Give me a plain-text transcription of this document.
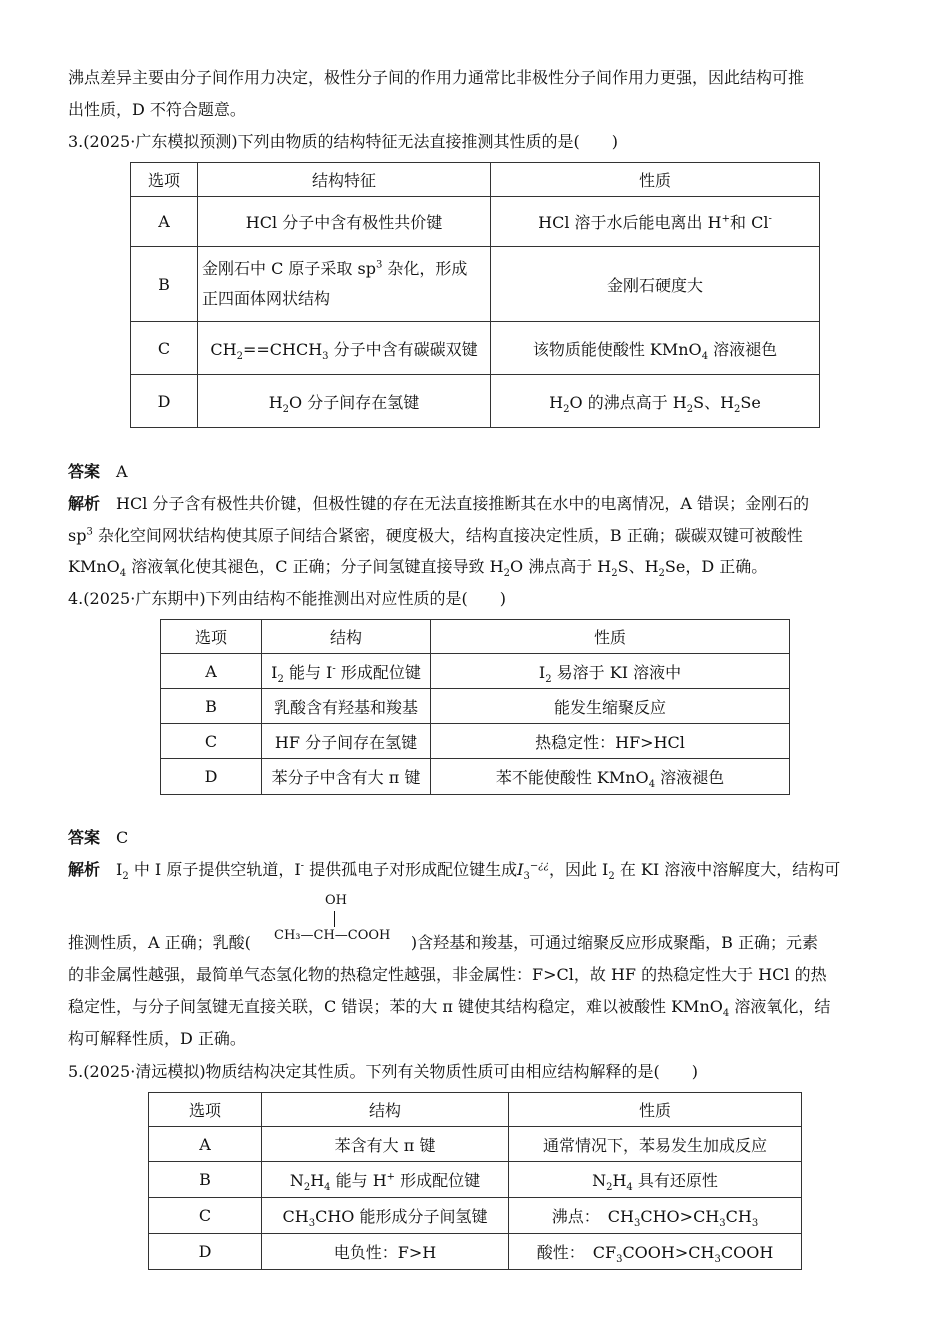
沸点差异主要由分子间作用力决定，极性分子间的作用力通常比非极性分子间作用力更强，因此结构可推
出性质，D 不符合题意。
3.(2025·广东模拟预测)下列由物质的结构特征无法直接推测其性质的是(　　)
选项	结构特征	性质
A	HCl 分子中含有极性共价键	HCl 溶于水后能电离出 H+和 Cl-
B	金刚石中 C 原子采取 $sp^3$ 杂化，形成
正四面体网状结构	金刚石硬度大
C	$CH_2==CHCH_3$ 分子中含有碳碳双键	该物质能使酸性 KMnO$_4$ 溶液褪色
D	$H_2O$ 分子间存在氢键	$H_2O$ 的沸点高于 $H_2S$、$H_2Se$
答案　 A
解析　 HCl 分子含有极性共价键，但极性键的存在无法直接推断其在水中的电离情况，A 错误；金刚石的
$sp^3$ 杂化空间网状结构使其原子间结合紧密，硬度极大，结构直接决定性质，B 正确；碳碳双键可被酸性
KMnO$_4$ 溶液氧化使其褪色，C 正确；分子间氢键直接导致 $H_2O$ 沸点高于 $H_2S$、$H_2Se$，D 正确。
4.(2025·广东期中)下列由结构不能推测出对应性质的是(　　)
选项	结构	性质
A	$I_2$ 能与 I- 形成配位键	$I_2$ 易溶于 KI 溶液中
B	乳酸含有羟基和羧基	能发生缩聚反应
C	HF 分子间存在氢键	热稳定性：HF>HCl
D	苯分子中含有大 π 键	苯不能使酸性 KMnO$_4$ 溶液褪色
答案　 C
解析　 $I_2$ 中 I 原子提供空轨道，I- 提供孤电子对形成配位键生成$I_3^{-¿¿}$，因此 $I_2$ 在 KI 溶液中溶解度大，结构可
OH
CH₃—CH—COOH
推测性质，A 正确；乳酸(	)含羟基和羧基，可通过缩聚反应形成聚酯，B 正确；元素
的非金属性越强，最简单气态氢化物的热稳定性越强，非金属性：F>Cl，故 HF 的热稳定性大于 HCl 的热
稳定性，与分子间氢键无直接关联，C 错误；苯的大 π 键使其结构稳定，难以被酸性 KMnO$_4$ 溶液氧化，结
构可解释性质，D 正确。
5.(2025·清远模拟)物质结构决定其性质。下列有关物质性质可由相应结构解释的是(　　)
选项	结构	性质
A	苯含有大 π 键	通常情况下，苯易发生加成反应
B	$N_2H_4$ 能与 H+ 形成配位键	$N_2H_4$ 具有还原性
C	$CH_3CHO$ 能形成分子间氢键	沸点：　$CH_3CHO>CH_3CH_3$
D	电负性：F>H	酸性：　$CF_3COOH>CH_3COOH$
